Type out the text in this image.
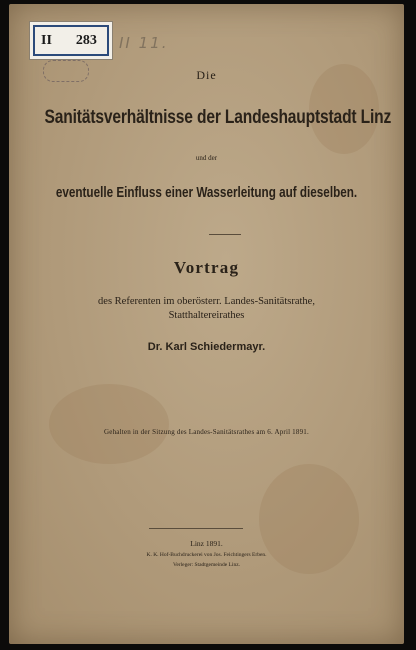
II 283 II 11.
Die
Sanitätsverhältnisse der Landeshauptstadt Linz
und der
eventuelle Einfluss einer Wasserleitung auf dieselben.
Vortrag
des Referenten im oberösterr. Landes-Sanitätsrathe,
Statthaltereirathes
Dr. Karl Schiedermayr.
Gehalten in der Sitzung des Landes-Sanitätsrathes am 6. April 1891.
Linz 1891.
K. K. Hof-Buchdruckerei von Jos. Feichtingers Erben.
Verleger: Stadtgemeinde Linz.
